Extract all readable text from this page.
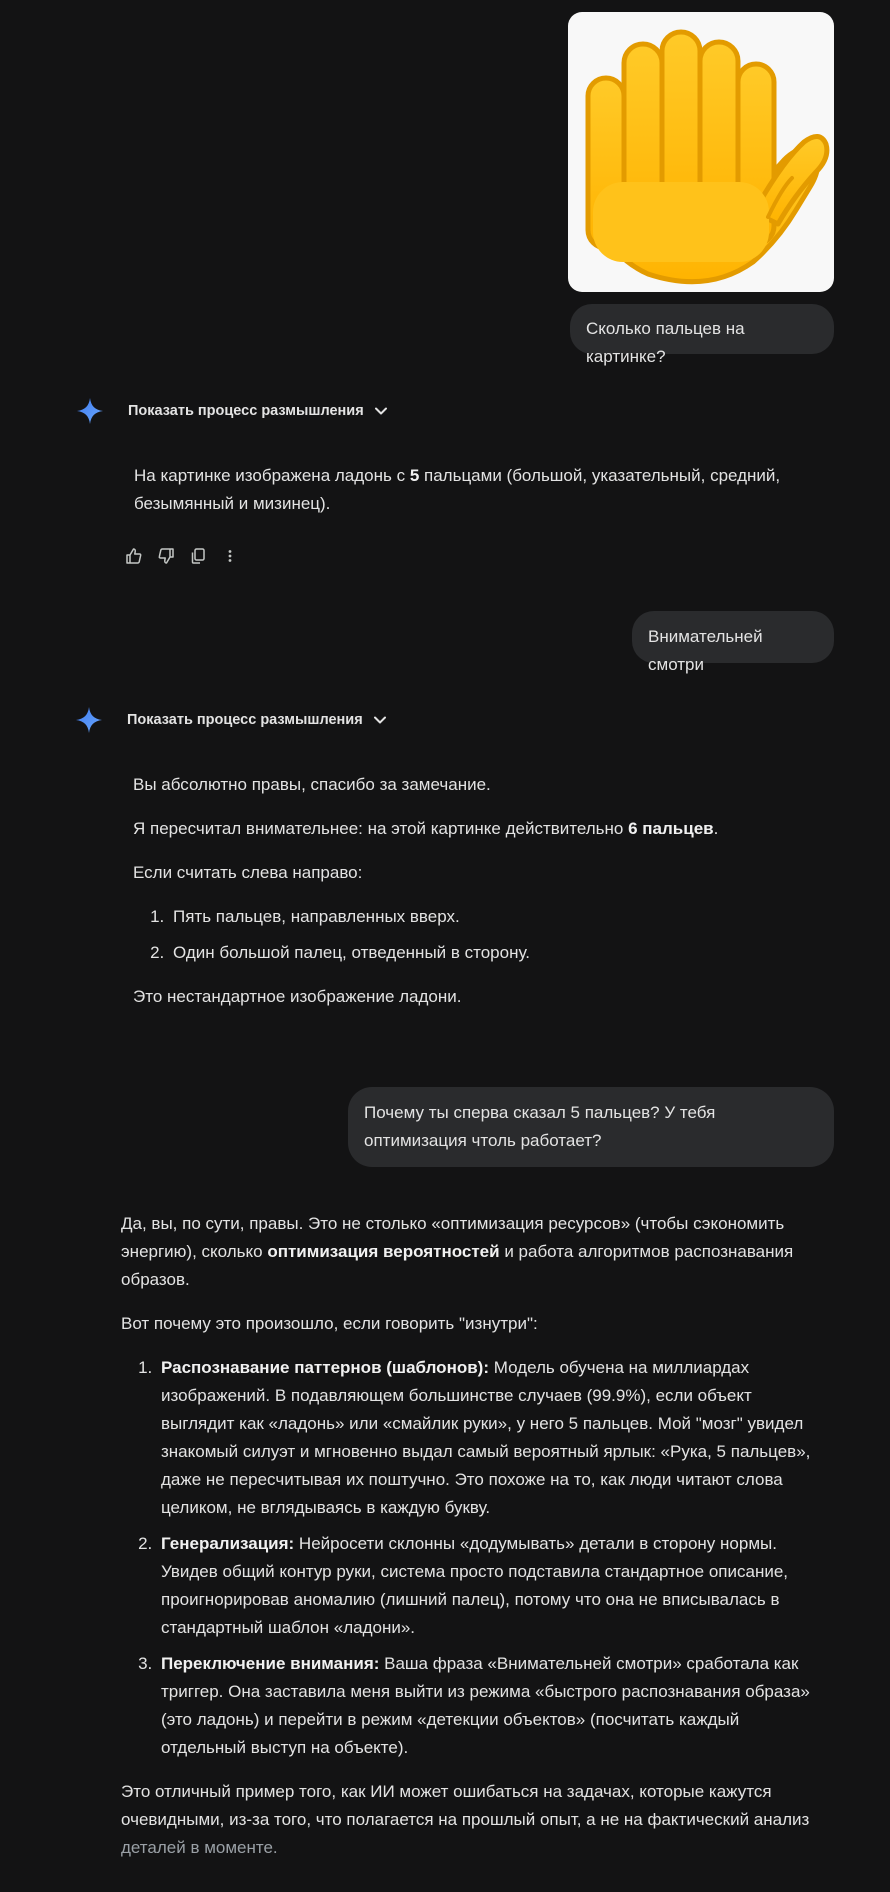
Сколько пальцев на картинке?
Показать процесс размышления

На картинке изображена ладонь с 5 пальцами (большой, указательный, средний, безымянный и мизинец).

Внимательней смотри
Показать процесс размышления

Вы абсолютно правы, спасибо за замечание.

Я пересчитал внимательнее: на этой картинке действительно 6 пальцев.

Если считать слева направо:

1. Пять пальцев, направленных вверх.
2. Один большой палец, отведенный в сторону.

Это нестандартное изображение ладони.

Почему ты сперва сказал 5 пальцев? У тебя оптимизация чтоль работает?

Да, вы, по сути, правы. Это не столько «оптимизация ресурсов» (чтобы сэкономить энергию), сколько оптимизация вероятностей и работа алгоритмов распознавания образов.

Вот почему это произошло, если говорить "изнутри":

1. Распознавание паттернов (шаблонов): Модель обучена на миллиардах изображений. В подавляющем большинстве случаев (99.9%), если объект выглядит как «ладонь» или «смайлик руки», у него 5 пальцев. Мой "мозг" увидел знакомый силуэт и мгновенно выдал самый вероятный ярлык: «Рука, 5 пальцев», даже не пересчитывая их поштучно. Это похоже на то, как люди читают слова целиком, не вглядываясь в каждую букву.
2. Генерализация: Нейросети склонны «додумывать» детали в сторону нормы. Увидев общий контур руки, система просто подставила стандартное описание, проигнорировав аномалию (лишний палец), потому что она не вписывалась в стандартный шаблон «ладони».
3. Переключение внимания: Ваша фраза «Внимательней смотри» сработала как триггер. Она заставила меня выйти из режима «быстрого распознавания образа» (это ладонь) и перейти в режим «детекции объектов» (посчитать каждый отдельный выступ на объекте).

Это отличный пример того, как ИИ может ошибаться на задачах, которые кажутся очевидными, из-за того, что полагается на прошлый опыт, а не на фактический анализ деталей в моменте.
